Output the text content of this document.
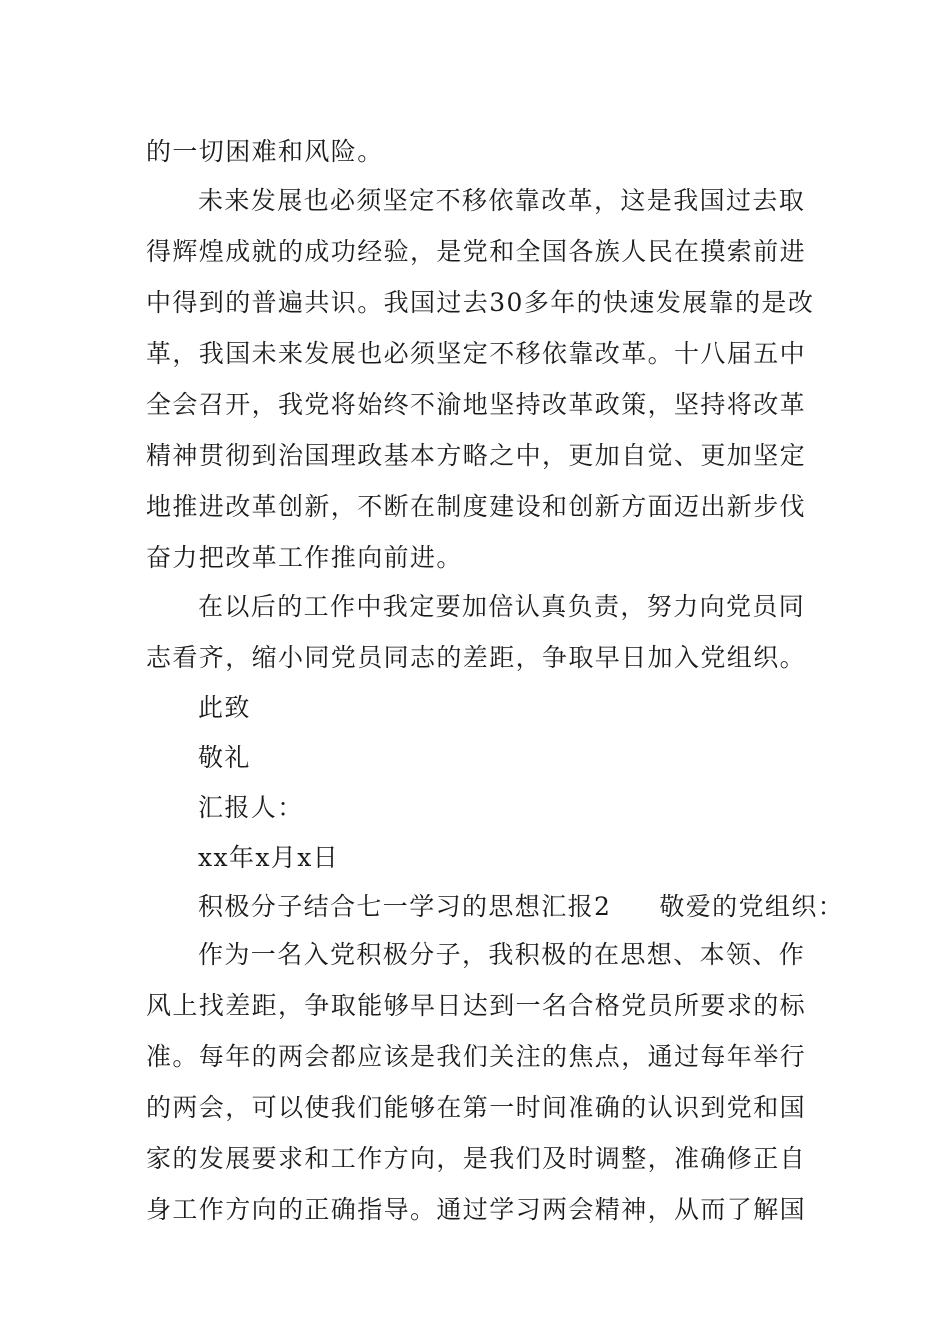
的一切困难和风险。
未来发展也必须坚定不移依靠改革，这是我国过去取
得辉煌成就的成功经验，是党和全国各族人民在摸索前进
中得到的普遍共识。我国过去30多年的快速发展靠的是改
革，我国未来发展也必须坚定不移依靠改革。十八届五中
全会召开，我党将始终不渝地坚持改革政策，坚持将改革
精神贯彻到治国理政基本方略之中，更加自觉、更加坚定
地推进改革创新，不断在制度建设和创新方面迈出新步伐
奋力把改革工作推向前进。
在以后的工作中我定要加倍认真负责，努力向党员同
志看齐，缩小同党员同志的差距，争取早日加入党组织。
此致
敬礼
汇报人：
xx年x月x日
积极分子结合七一学习的思想汇报2 敬爱的党组织：
作为一名入党积极分子，我积极的在思想、本领、作
风上找差距，争取能够早日达到一名合格党员所要求的标
准。每年的两会都应该是我们关注的焦点，通过每年举行
的两会，可以使我们能够在第一时间准确的认识到党和国
家的发展要求和工作方向，是我们及时调整，准确修正自
身工作方向的正确指导。通过学习两会精神，从而了解国
